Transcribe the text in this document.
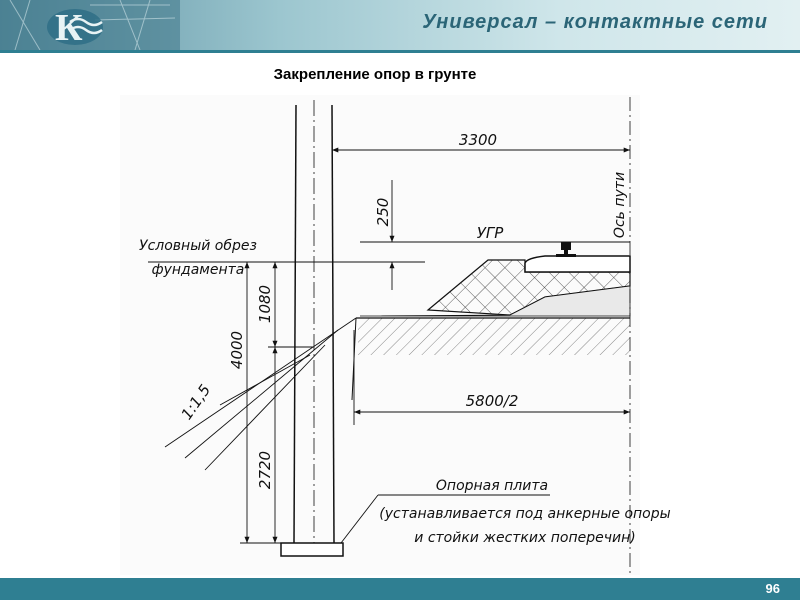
К	Универсал – контактные сети
Закрепление опор в грунте
3300
УГР
250	Ось пути
Условный обрез
фундамента
1080
4000
2720
1:1,5	5800/2
Опорная плита
(устанавливается под анкерные опоры
и стойки жестких поперечин)
96
